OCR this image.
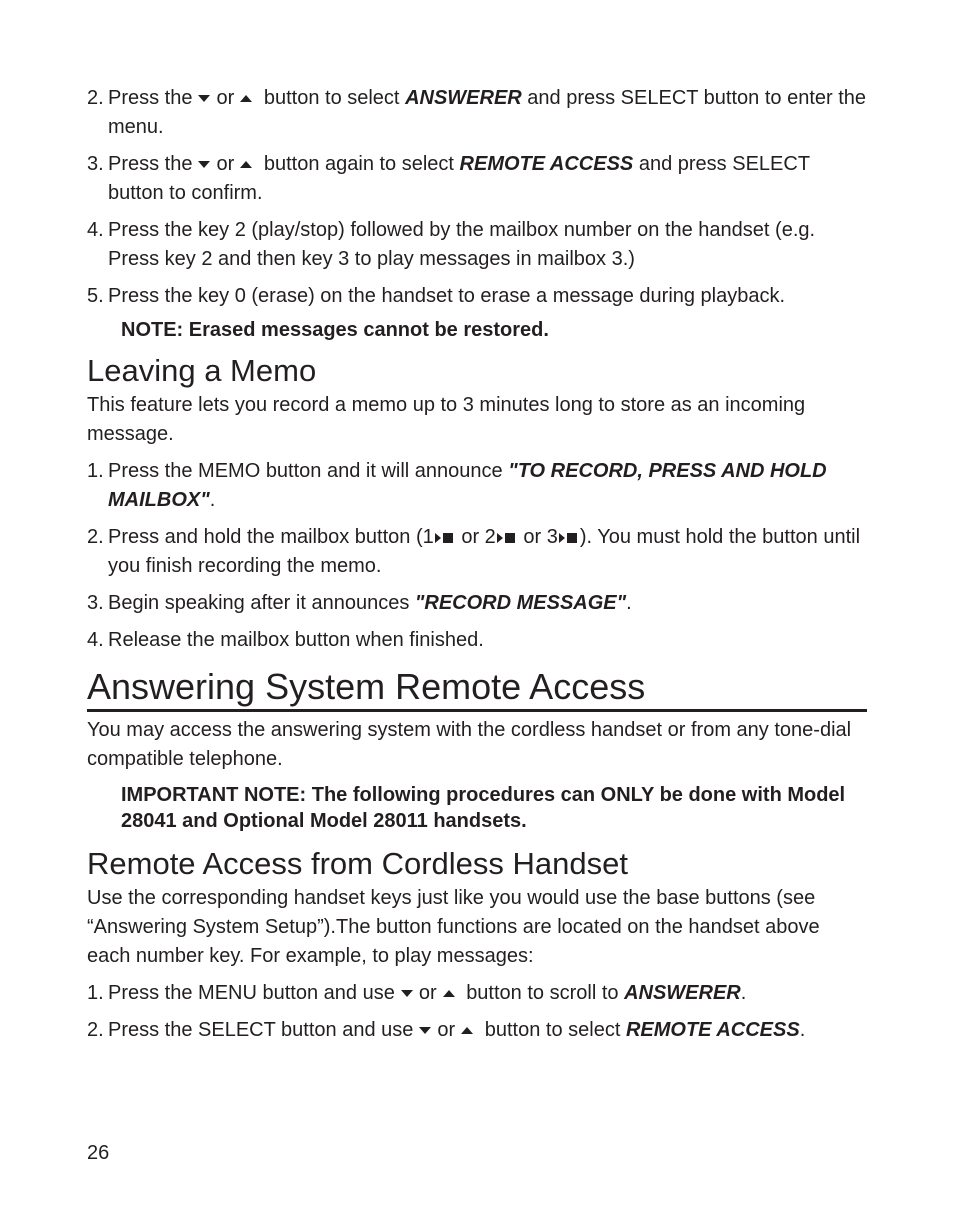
2. Press the or button to select ANSWERER and press SELECT button to enter the menu.
3. Press the or button again to select REMOTE ACCESS and press SELECT button to confirm.
4. Press the key 2 (play/stop) followed by the mailbox number on the handset (e.g. Press key 2 and then key 3 to play messages in mailbox 3.)
5. Press the key 0 (erase) on the handset to erase a message during playback.
NOTE: Erased messages cannot be restored.
Leaving a Memo
This feature lets you record a memo up to 3 minutes long to store as an incoming message.
1. Press the MEMO button and it will announce "TO RECORD, PRESS AND HOLD MAILBOX".
2. Press and hold the mailbox button (1 or 2 or 3 ). You must hold the button until you finish recording the memo.
3. Begin speaking after it announces "RECORD MESSAGE".
4. Release the mailbox button when finished.
Answering System Remote Access
You may access the answering system with the cordless handset or from any tone-dial compatible telephone.
IMPORTANT NOTE: The following procedures can ONLY be done with Model 28041 and Optional Model 28011 handsets.
Remote Access from Cordless Handset
Use the corresponding handset keys just like you would use the base buttons (see “Answering System Setup”).The button functions are located on the handset above each number key. For example, to play messages:
1. Press the MENU button and use or button to scroll to ANSWERER.
2. Press the SELECT button and use or button to select REMOTE ACCESS.
26
